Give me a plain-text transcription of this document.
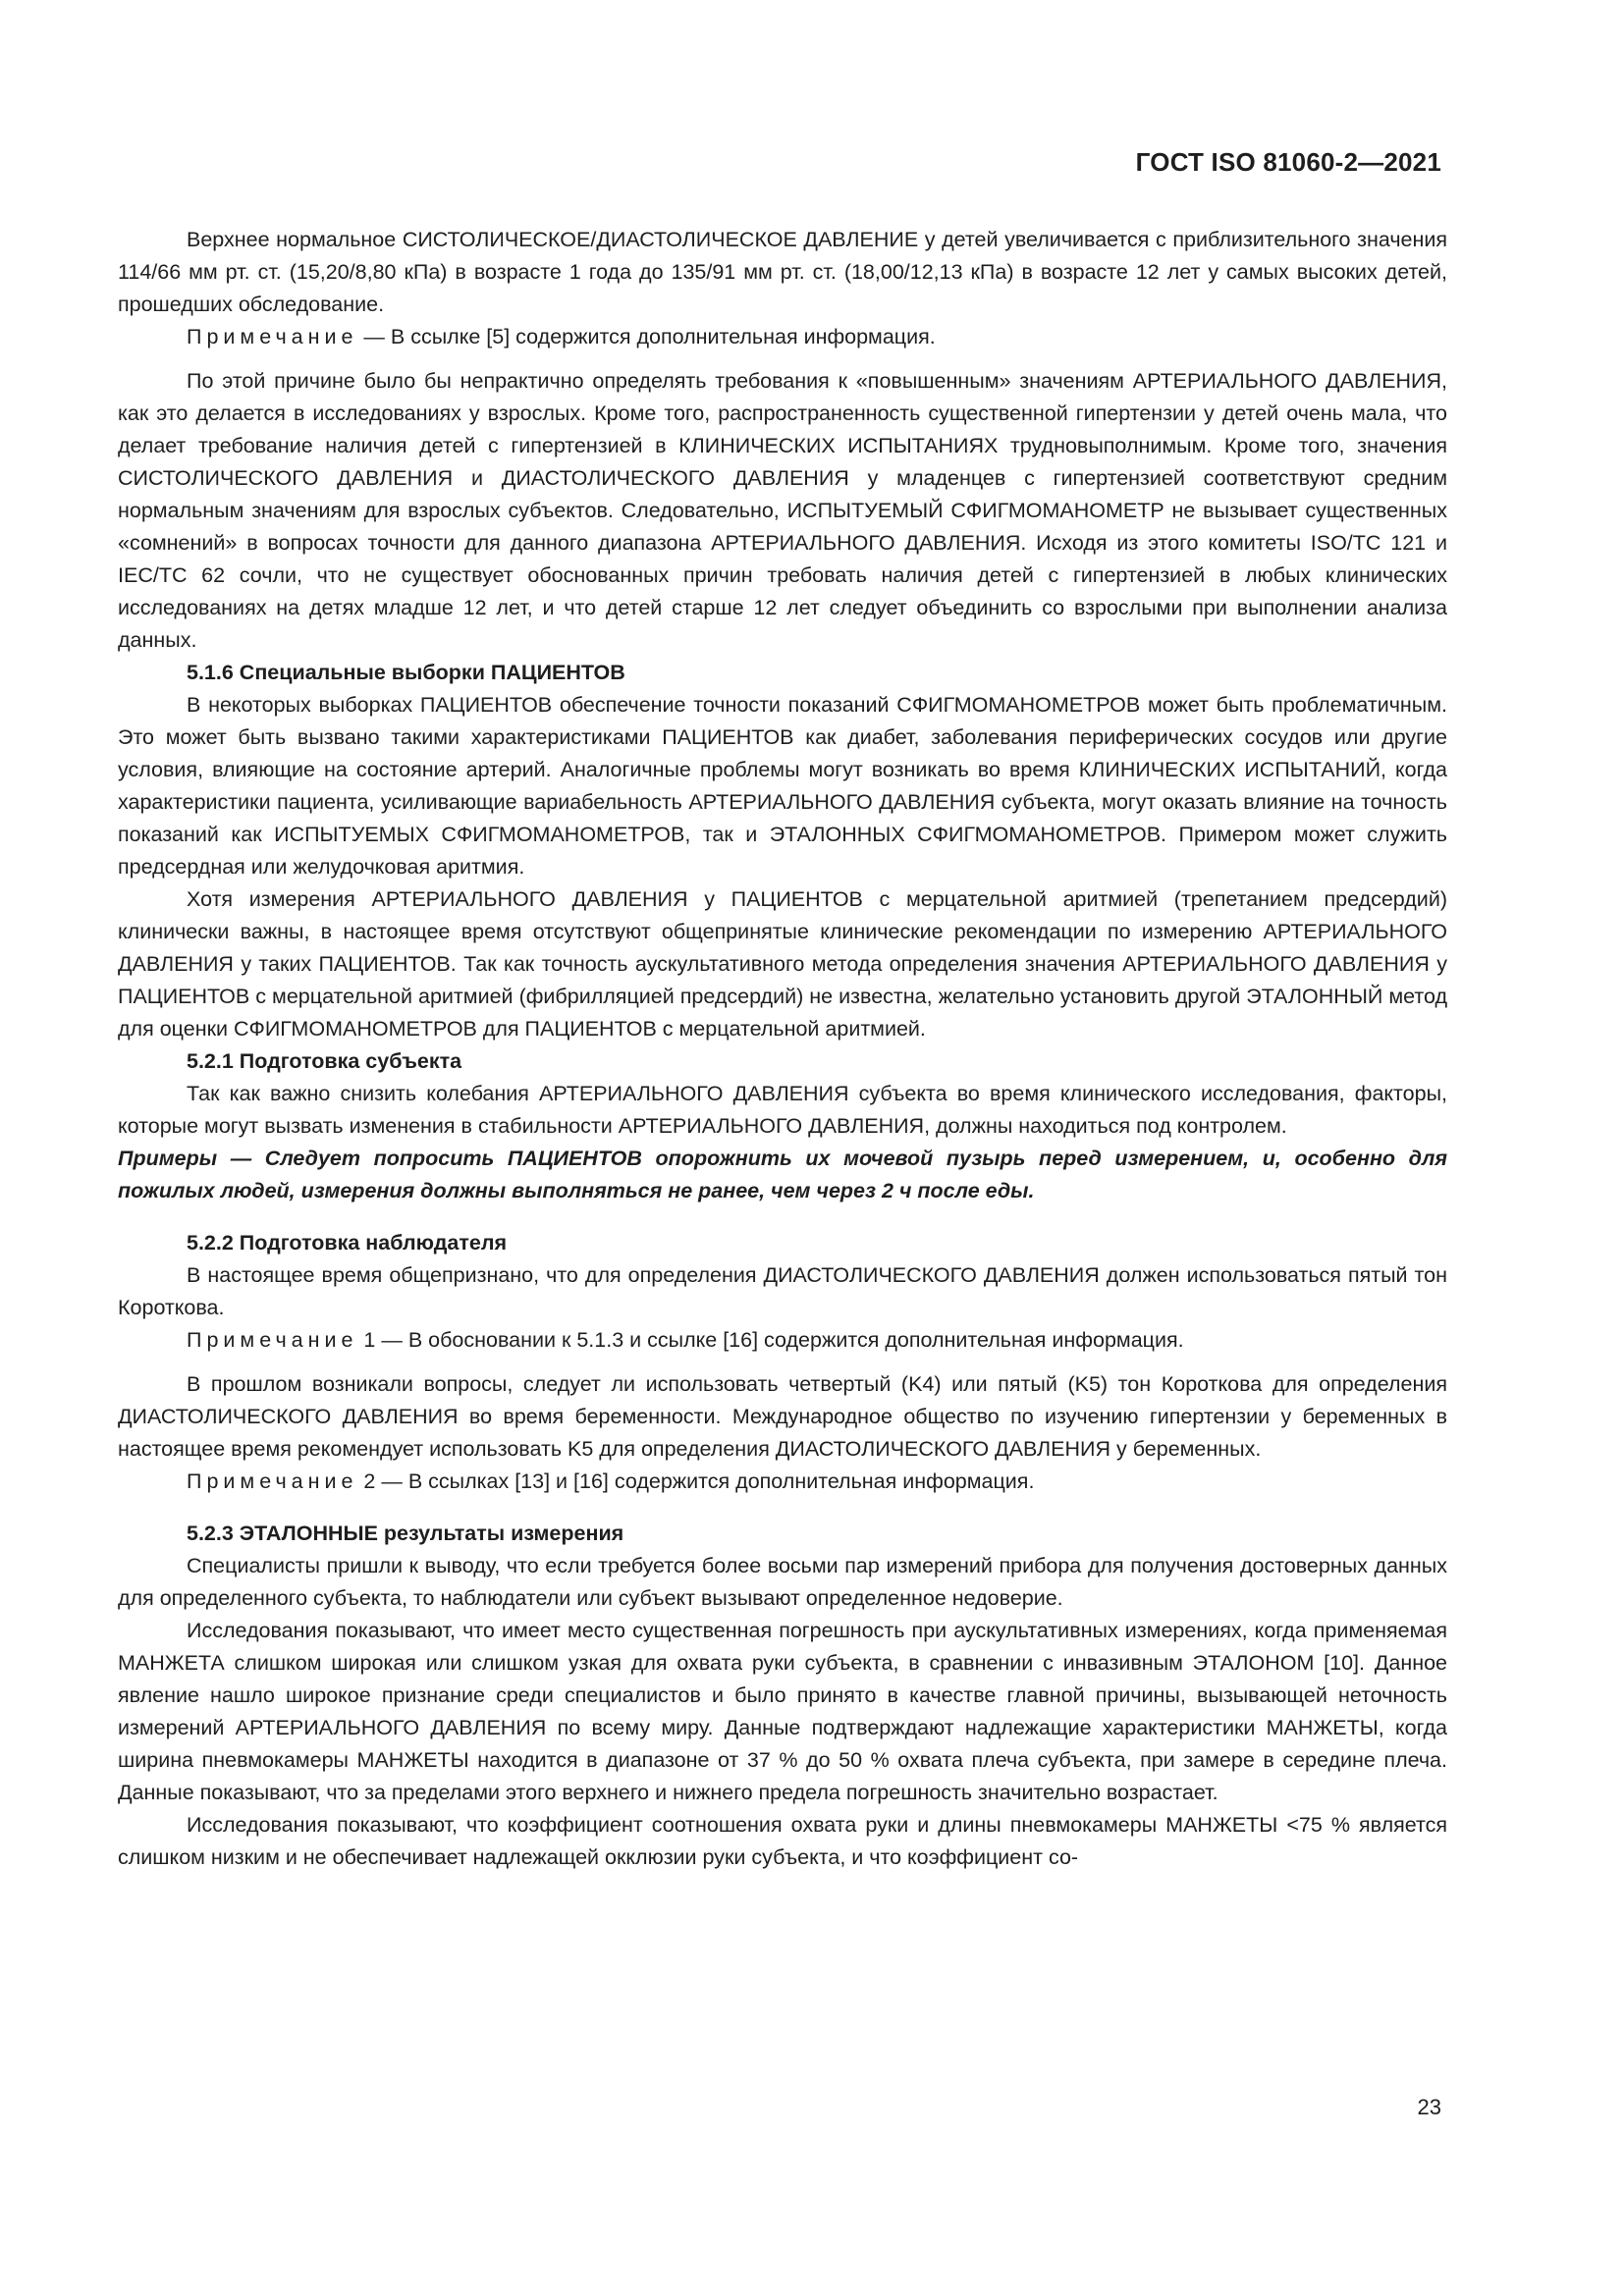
ГОСТ ISO 81060-2—2021

Верхнее нормальное СИСТОЛИЧЕСКОЕ/ДИАСТОЛИЧЕСКОЕ ДАВЛЕНИЕ у детей увеличивается с приблизительного значения 114/66 мм рт. ст. (15,20/8,80 кПа) в возрасте 1 года до 135/91 мм рт. ст. (18,00/12,13 кПа) в возрасте 12 лет у самых высоких детей, прошедших обследование.

Примечание — В ссылке [5] содержится дополнительная информация.

По этой причине было бы непрактично определять требования к «повышенным» значениям АРТЕРИАЛЬНОГО ДАВЛЕНИЯ, как это делается в исследованиях у взрослых. Кроме того, распространенность существенной гипертензии у детей очень мала, что делает требование наличия детей с гипертензией в КЛИНИЧЕСКИХ ИСПЫТАНИЯХ трудновыполнимым. Кроме того, значения СИСТОЛИЧЕСКОГО ДАВЛЕНИЯ и ДИАСТОЛИЧЕСКОГО ДАВЛЕНИЯ у младенцев с гипертензией соответствуют средним нормальным значениям для взрослых субъектов. Следовательно, ИСПЫТУЕМЫЙ СФИГМОМАНОМЕТР не вызывает существенных «сомнений» в вопросах точности для данного диапазона АРТЕРИАЛЬНОГО ДАВЛЕНИЯ. Исходя из этого комитеты ISO/TC 121 и IEC/TC 62 сочли, что не существует обоснованных причин требовать наличия детей с гипертензией в любых клинических исследованиях на детях младше 12 лет, и что детей старше 12 лет следует объединить со взрослыми при выполнении анализа данных.

5.1.6 Специальные выборки ПАЦИЕНТОВ

В некоторых выборках ПАЦИЕНТОВ обеспечение точности показаний СФИГМОМАНОМЕТРОВ может быть проблематичным. Это может быть вызвано такими характеристиками ПАЦИЕНТОВ как диабет, заболевания периферических сосудов или другие условия, влияющие на состояние артерий. Аналогичные проблемы могут возникать во время КЛИНИЧЕСКИХ ИСПЫТАНИЙ, когда характеристики пациента, усиливающие вариабельность АРТЕРИАЛЬНОГО ДАВЛЕНИЯ субъекта, могут оказать влияние на точность показаний как ИСПЫТУЕМЫХ СФИГМОМАНОМЕТРОВ, так и ЭТАЛОННЫХ СФИГМОМАНОМЕТРОВ. Примером может служить предсердная или желудочковая аритмия.

Хотя измерения АРТЕРИАЛЬНОГО ДАВЛЕНИЯ у ПАЦИЕНТОВ с мерцательной аритмией (трепетанием предсердий) клинически важны, в настоящее время отсутствуют общепринятые клинические рекомендации по измерению АРТЕРИАЛЬНОГО ДАВЛЕНИЯ у таких ПАЦИЕНТОВ. Так как точность аускультативного метода определения значения АРТЕРИАЛЬНОГО ДАВЛЕНИЯ у ПАЦИЕНТОВ с мерцательной аритмией (фибрилляцией предсердий) не известна, желательно установить другой ЭТАЛОННЫЙ метод для оценки СФИГМОМАНОМЕТРОВ для ПАЦИЕНТОВ с мерцательной аритмией.

5.2.1 Подготовка субъекта

Так как важно снизить колебания АРТЕРИАЛЬНОГО ДАВЛЕНИЯ субъекта во время клинического исследования, факторы, которые могут вызвать изменения в стабильности АРТЕРИАЛЬНОГО ДАВЛЕНИЯ, должны находиться под контролем.

Примеры — Следует попросить ПАЦИЕНТОВ опорожнить их мочевой пузырь перед измерением, и, особенно для пожилых людей, измерения должны выполняться не ранее, чем через 2 ч после еды.

5.2.2 Подготовка наблюдателя

В настоящее время общепризнано, что для определения ДИАСТОЛИЧЕСКОГО ДАВЛЕНИЯ должен использоваться пятый тон Короткова.

Примечание 1 — В обосновании к 5.1.3 и ссылке [16] содержится дополнительная информация.

В прошлом возникали вопросы, следует ли использовать четвертый (K4) или пятый (K5) тон Короткова для определения ДИАСТОЛИЧЕСКОГО ДАВЛЕНИЯ во время беременности. Международное общество по изучению гипертензии у беременных в настоящее время рекомендует использовать K5 для определения ДИАСТОЛИЧЕСКОГО ДАВЛЕНИЯ у беременных.

Примечание 2 — В ссылках [13] и [16] содержится дополнительная информация.

5.2.3 ЭТАЛОННЫЕ результаты измерения

Специалисты пришли к выводу, что если требуется более восьми пар измерений прибора для получения достоверных данных для определенного субъекта, то наблюдатели или субъект вызывают определенное недоверие.

Исследования показывают, что имеет место существенная погрешность при аускультативных измерениях, когда применяемая МАНЖЕТА слишком широкая или слишком узкая для охвата руки субъекта, в сравнении с инвазивным ЭТАЛОНОМ [10]. Данное явление нашло широкое признание среди специалистов и было принято в качестве главной причины, вызывающей неточность измерений АРТЕРИАЛЬНОГО ДАВЛЕНИЯ по всему миру. Данные подтверждают надлежащие характеристики МАНЖЕТЫ, когда ширина пневмокамеры МАНЖЕТЫ находится в диапазоне от 37 % до 50 % охвата плеча субъекта, при замере в середине плеча. Данные показывают, что за пределами этого верхнего и нижнего предела погрешность значительно возрастает.

Исследования показывают, что коэффициент соотношения охвата руки и длины пневмокамеры МАНЖЕТЫ <75 % является слишком низким и не обеспечивает надлежащей окклюзии руки субъекта, и что коэффициент со-

23
